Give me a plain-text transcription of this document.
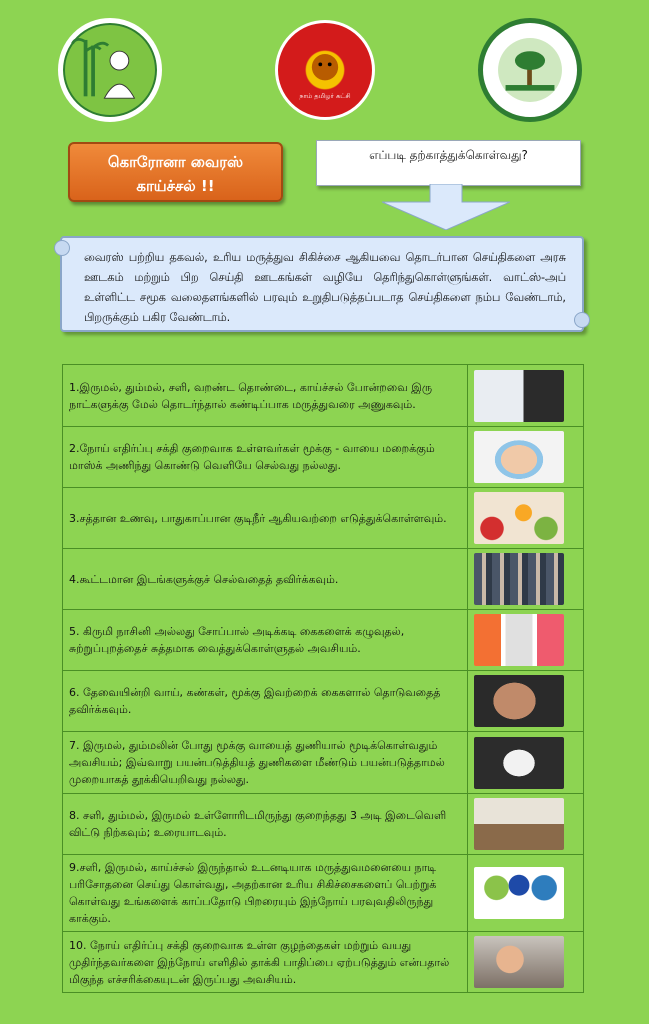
நாம் தமிழர் கட்சி
கொரோனா வைரஸ்
காய்ச்சல் !!
எப்படி தற்காத்துக்கொள்வது?
வைரஸ் பற்றிய தகவல், உரிய மருத்துவ சிகிச்சை ஆகியவை தொடர்பான செய்திகளை அரசு ஊடகம் மற்றும் பிற செய்தி ஊடகங்கள் வழியே தெரிந்துகொள்ளுங்கள். வாட்ஸ்-அப் உள்ளிட்ட சமூக வலைதளங்களில் பரவும் உறுதிபடுத்தப்படாத செய்திகளை நம்ப வேண்டாம், பிறருக்கும் பகிர வேண்டாம்.
1.இருமல், தும்மல், சளி, வறண்ட தொண்டை, காய்ச்சல் போன்றவை இரு நாட்களுக்கு மேல் தொடர்ந்தால் கண்டிப்பாக மருத்துவரை அணுகவும்.	

2.நோய் எதிர்ப்பு சக்தி குறைவாக உள்ளவர்கள் மூக்கு - வாயை மறைக்கும் மாஸ்க் அணிந்து கொண்டு வெளியே செல்வது நல்லது.	

3.சத்தான உணவு, பாதுகாப்பான குடிநீர் ஆகியவற்றை எடுத்துக்கொள்ளவும்.	

4.கூட்டமான இடங்களுக்குச் செல்வதைத் தவிர்க்கவும்.	

5. கிருமி நாசினி அல்லது சோப்பால் அடிக்கடி கைகளைக் கழுவுதல், சுற்றுப்புறத்தைச் சுத்தமாக வைத்துக்கொள்ளுதல் அவசியம்.	

6. தேவையின்றி வாய், கண்கள், மூக்கு இவற்றைக் கைகளால் தொடுவதைத் தவிர்க்கவும்.	

7. இருமல், தும்மலின் போது மூக்கு வாயைத் துணியால் மூடிக்கொள்வதும் அவசியம்; இவ்வாறு பயன்படுத்தியத் துணிகளை மீண்டும் பயன்படுத்தாமல் முறையாகத் தூக்கியெறிவது நல்லது.	

8. சளி, தும்மல், இருமல் உள்ளோரிடமிருந்து குறைந்தது 3 அடி இடைவெளி விட்டு நிற்கவும்; உரையாடவும்.	

9.சளி, இருமல், காய்ச்சல் இருந்தால் உடனடியாக மருத்துவமனையை நாடி பரிசோதனை செய்து கொள்வது, அதற்கான உரிய சிகிச்சைகளைப் பெற்றுக் கொள்வது உங்களைக் காப்பதோடு பிறரையும் இந்நோய் பரவுவதிலிருந்து காக்கும்.	

10. நோய் எதிர்ப்பு சக்தி குறைவாக உள்ள குழந்தைகள் மற்றும் வயது முதிர்ந்தவர்களை இந்நோய் எளிதில் தாக்கி பாதிப்பை ஏற்படுத்தும் என்பதால் மிகுந்த எச்சரிக்கையுடன் இருப்பது அவசியம்.	
